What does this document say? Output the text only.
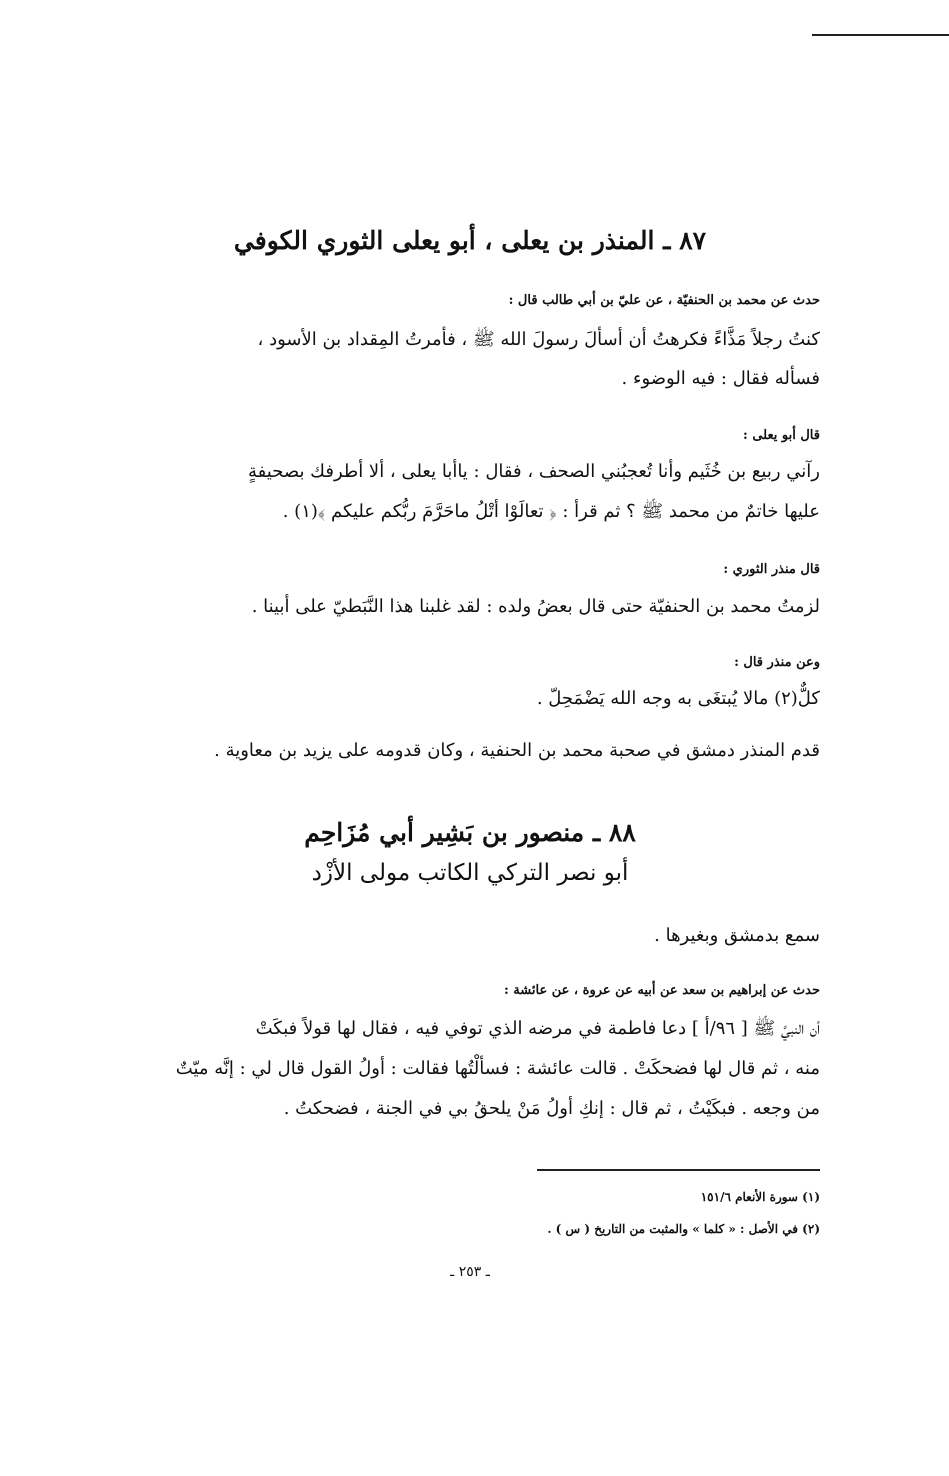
٨٧ ـ المنذر بن يعلى ، أبو يعلى الثوري الكوفي
حدث عن محمد بن الحنفيّة ، عن عليّ بن أبي طالب قال :
كنتُ رجلاً مَذَّاءً فكرهتُ أن أسألَ رسولَ الله ﷺ ، فأمرتُ المِقداد بن الأسود ،
فسأله فقال : فيه الوضوء .
قال أبو يعلى :
رآني ربيع بن خُثَيم وأنا تُعجبُني الصحف ، فقال : ياأبا يعلى ، ألا أطرفك بصحيفةٍ
عليها خاتمٌ من محمد ﷺ ؟ ثم قرأ : ﴿ تعالَوْا أتْلُ ماحَرَّمَ ربُّكم عليكم ﴾(١) .
قال منذر الثوري :
لزمتُ محمد بن الحنفيّة حتى قال بعضُ ولده : لقد غلبنا هذا النَّبَطيّ على أبينا .
وعن منذر قال :
كلٌّ(٢) مالا يُبتغَى به وجه الله يَضْمَحِلّ .
قدم المنذر دمشق في صحبة محمد بن الحنفية ، وكان قدومه على يزيد بن معاوية .
٨٨ ـ منصور بن بَشِير أبي مُزَاحِم
أبو نصر التركي الكاتب مولى الأزْد
سمع بدمشق وبغيرها .
حدث عن إبراهيم بن سعد عن أبيه عن عروة ، عن عائشة :
أن النبيَّ ﷺ [ ٩٦/أ ] دعا فاطمة في مرضه الذي توفي فيه ، فقال لها قولاً فبكَتْ
منه ، ثم قال لها فضحكَتْ . قالت عائشة : فسألْتُها فقالت : أولُ القول قال لي : إنَّه ميّتٌ
من وجعه . فبكَيْتُ ، ثم قال : إنكِ أولُ مَنْ يلحقُ بي في الجنة ، فضحكتُ .
(١) سورة الأنعام ١٥١/٦
(٢) في الأصل : « كلما » والمثبت من التاريخ ( س ) .
ـ ٢٥٣ ـ
